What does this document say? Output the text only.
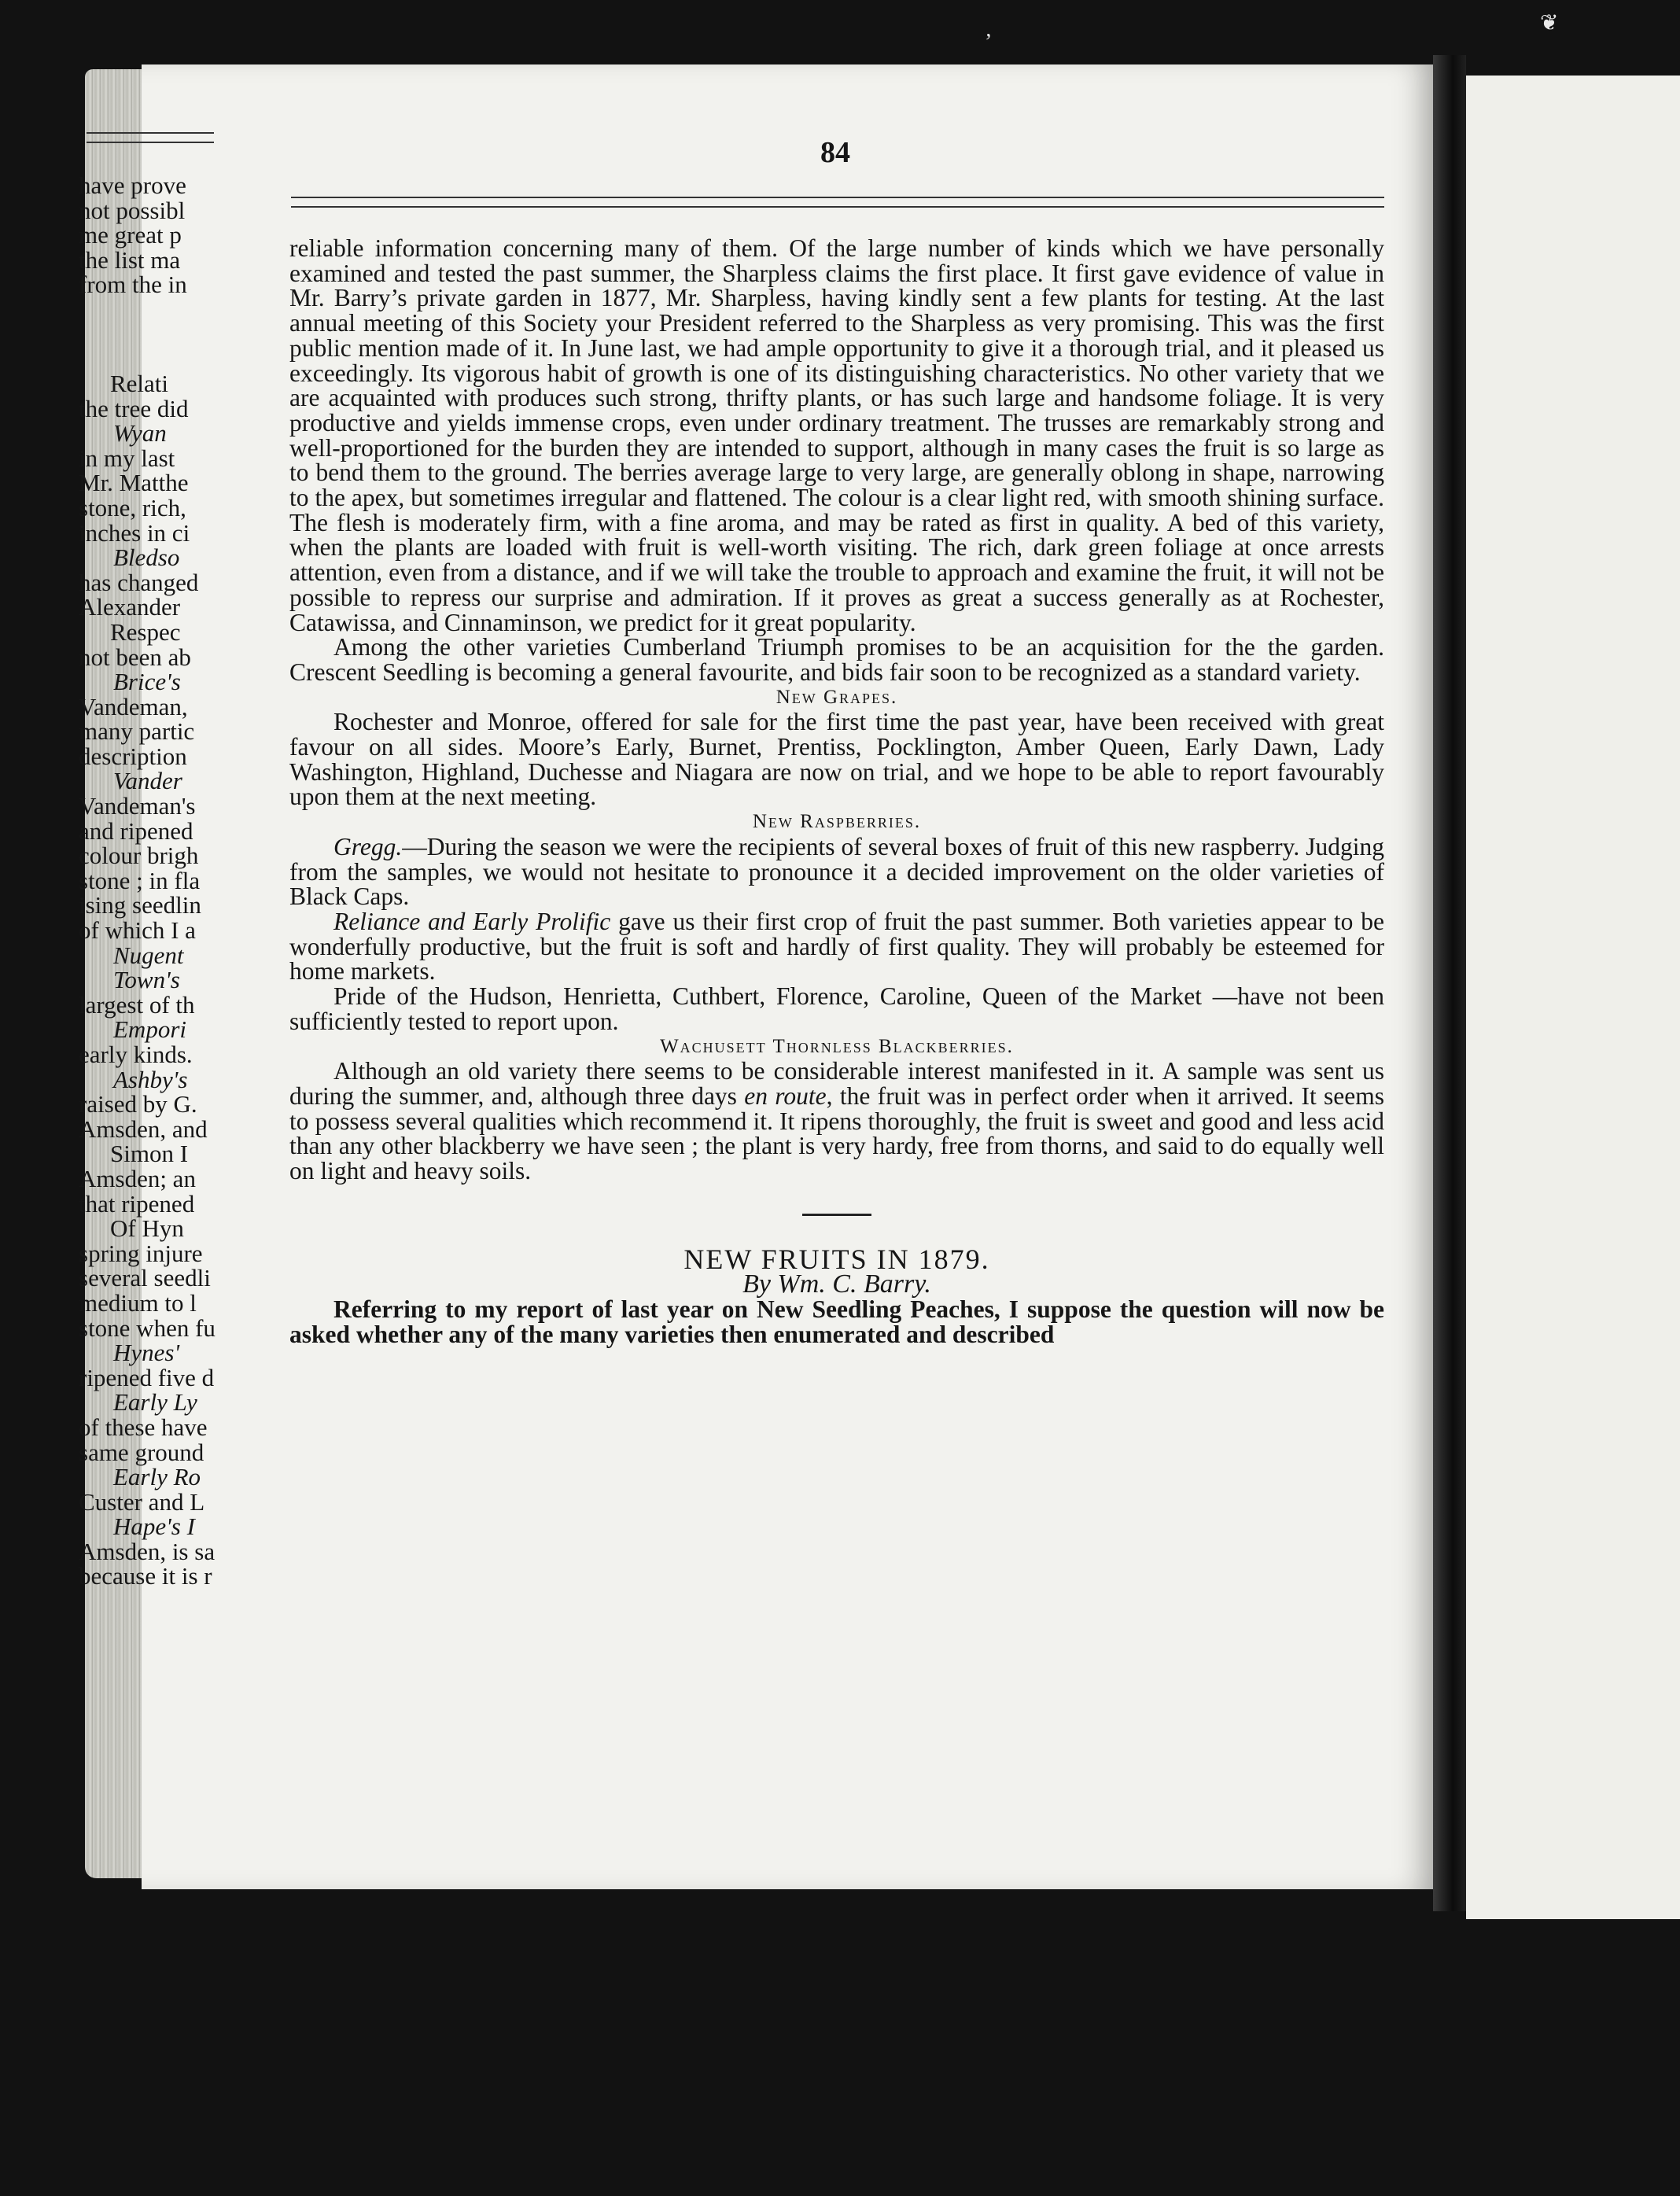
ʼ
❦
84

reliable information concerning many of them. Of the large number of kinds which we have personally examined and tested the past summer, the Sharpless claims the first place. It first gave evidence of value in Mr. Barry’s private garden in 1877, Mr. Sharpless, having kindly sent a few plants for testing. At the last annual meeting of this Society your President referred to the Sharpless as very promising. This was the first public mention made of it. In June last, we had ample opportunity to give it a thorough trial, and it pleased us exceedingly. Its vigorous habit of growth is one of its distinguishing characteristics. No other variety that we are acquainted with produces such strong, thrifty plants, or has such large and handsome foliage. It is very productive and yields immense crops, even under ordinary treatment. The trusses are remarkably strong and well-proportioned for the burden they are intended to support, although in many cases the fruit is so large as to bend them to the ground. The berries average large to very large, are generally oblong in shape, narrowing to the apex, but sometimes irregular and flattened. The colour is a clear light red, with smooth shining surface. The flesh is moderately firm, with a fine aroma, and may be rated as first in quality. A bed of this variety, when the plants are loaded with fruit is well-worth visiting. The rich, dark green foliage at once arrests attention, even from a distance, and if we will take the trouble to approach and examine the fruit, it will not be possible to repress our surprise and admiration. If it proves as great a success generally as at Rochester, Catawissa, and Cinnaminson, we predict for it great popularity.

Among the other varieties Cumberland Triumph promises to be an acquisition for the the garden. Crescent Seedling is becoming a general favourite, and bids fair soon to be recognized as a standard variety.

New Grapes.

Rochester and Monroe, offered for sale for the first time the past year, have been received with great favour on all sides. Moore’s Early, Burnet, Prentiss, Pocklington, Amber Queen, Early Dawn, Lady Washington, Highland, Duchesse and Niagara are now on trial, and we hope to be able to report favourably upon them at the next meeting.

New Raspberries.

Gregg.—During the season we were the recipients of several boxes of fruit of this new raspberry. Judging from the samples, we would not hesitate to pronounce it a decided improvement on the older varieties of Black Caps.

Reliance and Early Prolific gave us their first crop of fruit the past summer. Both varieties appear to be wonderfully productive, but the fruit is soft and hardly of first quality. They will probably be esteemed for home markets.

Pride of the Hudson, Henrietta, Cuthbert, Florence, Caroline, Queen of the Market —have not been sufficiently tested to report upon.

Wachusett Thornless Blackberries.

Although an old variety there seems to be considerable interest manifested in it. A sample was sent us during the summer, and, although three days en route, the fruit was in perfect order when it arrived. It seems to possess several qualities which recommend it. It ripens thoroughly, the fruit is sweet and good and less acid than any other blackberry we have seen ; the plant is very hardy, free from thorns, and said to do equally well on light and heavy soils.

NEW FRUITS IN 1879.

By Wm. C. Barry.

Referring to my report of last year on New Seedling Peaches, I suppose the question will now be asked whether any of the many varieties then enumerated and described

have prove
not possibl
me great p
the list ma
from the in
Relati
the tree did
Wyan
in my last
Mr. Matthe
stone, rich,
inches in ci
Bledso
has changed
Alexander
Respec
not been ab
Brice's
Vandeman,
many partic
description
Vander
Vandeman's
and ripened
colour brigh
stone ; in fla
ising seedlin
of which I a
Nugent
Town's
largest of th
Empori
early kinds.
Ashby's
raised by G.
Amsden, and
Simon I
Amsden; an
that ripened
Of Hyn
spring injure
several seedli
medium to l
stone when fu
Hynes'
ripened five d
Early Ly
of these have
same ground
Early Ro
Custer and L
Hape's I
Amsden, is sa
because it is r
